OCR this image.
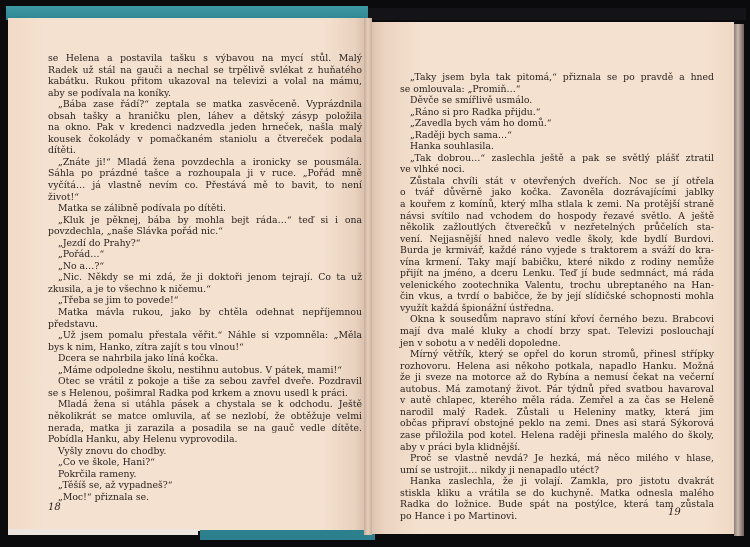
se Helena a postavila tašku s výbavou na mycí stůl. Malý
Radek už stál na gauči a nechal se trpělivě svlékat z huňatého
kabátku. Rukou přitom ukazoval na televizi a volal na mámu,
aby se podívala na koníky.
„Bába zase řádí?“ zeptala se matka zasvěceně. Vyprázdnila
obsah tašky a hraničku plen, láhev a dětský zásyp položila
na okno. Pak v kredenci nadzvedla jeden hrneček, našla malý
kousek čokolády v pomačkaném staniolu a čtvereček podala
dítěti.
„Znáte ji!“ Mladá žena povzdechla a ironicky se pousmála.
Sáhla po prázdné tašce a rozhoupala ji v ruce. „Pořád mně
vyčítá… já vlastně nevím co. Přestává mě to bavit, to není
život!“
Matka se zálibně podívala po dítěti.
„Kluk je pěknej, bába by mohla bejt ráda…“ teď si i ona
povzdechla, „naše Slávka pořád nic.“
„Jezdí do Prahy?“
„Pořád…“
„No a…?“
„Nic. Někdy se mi zdá, že ji doktoři jenom tejrají. Co ta už
zkusila, a je to všechno k ničemu.“
„Třeba se jim to povede!“
Matka mávla rukou, jako by chtěla odehnat nepříjemnou
představu.
„Už jsem pomalu přestala věřit.“ Náhle si vzpomněla: „Měla
bys k nim, Hanko, zítra zajít s tou vlnou!“
Dcera se nahrbila jako líná kočka.
„Máme odpoledne školu, nestihnu autobus. V pátek, mami!“
Otec se vrátil z pokoje a tiše za sebou zavřel dveře. Pozdravil
se s Helenou, pošimral Radka pod krkem a znovu usedl k práci.
Mladá žena si utáhla pásek a chystala se k odchodu. Ještě
několikrát se matce omluvila, ať se nezlobí, že obtěžuje velmi
nerada, matka ji zarazila a posadila se na gauč vedle dítěte.
Pobídla Hanku, aby Helenu vyprovodila.
Vyšly znovu do chodby.
„Co ve škole, Hani?“
Pokrčila rameny.
„Těšíš se, až vypadneš?“
„Moc!“ přiznala se.
18
„Taky jsem byla tak pitomá,“ přiznala se po pravdě a hned
se omlouvala: „Promiň…“
Děvče se smířlivě usmálo.
„Ráno si pro Radka přijdu.“
„Zavedla bych vám ho domů.“
„Raději bych sama…“
Hanka souhlasila.
„Tak dobrou…“ zaslechla ještě a pak se světlý plášť ztratil
ve vlhké noci.
Zůstala chvíli stát v otevřených dveřích. Noc se jí otřela
o tvář důvěrně jako kočka. Zavoněla dozrávajícími jablky
a kouřem z komínů, který mlha stlala k zemi. Na protější straně
návsi svítilo nad vchodem do hospody řezavé světlo. A ještě
několik zažloutlých čtverečků v nezřetelných průčelích sta-
vení. Nejjasnější hned nalevo vedle školy, kde bydlí Burdovi.
Burda je krmivář, každé ráno vyjede s traktorem a sváží do kra-
vína krmení. Taky mají babičku, které nikdo z rodiny nemůže
přijít na jméno, a dceru Lenku. Teď jí bude sedmnáct, má ráda
velenického zootechnika Valentu, trochu ubreptaného na Han-
čin vkus, a tvrdí o babičce, že by její slídičské schopnosti mohla
využít každá špionážní ústředna.
Okna k sousedům napravo stíní křoví černého bezu. Brabcovi
mají dva malé kluky a chodí brzy spat. Televizi poslouchají
jen v sobotu a v neděli dopoledne.
Mírný větřík, který se opřel do korun stromů, přinesl střípky
rozhovoru. Helena asi někoho potkala, napadlo Hanku. Možná
že ji sveze na motorce až do Rybína a nemusí čekat na večerní
autobus. Má zamotaný život. Pár týdnů před svatbou havaroval
v autě chlapec, kterého měla ráda. Zemřel a za čas se Heleně
narodil malý Radek. Zůstali u Heleniny matky, která jim
občas připraví obstojné peklo na zemi. Dnes asi stará Sýkorová
zase přiložila pod kotel. Helena raději přinesla malého do školy,
aby v práci byla klidnější.
Proč se vlastně nevdá? Je hezká, má něco milého v hlase,
umí se ustrojit… nikdy ji nenapadlo utéct?
Hanka zaslechla, že ji volají. Zamkla, pro jistotu dvakrát
stiskla kliku a vrátila se do kuchyně. Matka odnesla malého
Radka do ložnice. Bude spát na postýlce, která tam zůstala
po Hance i po Martinovi.	19
